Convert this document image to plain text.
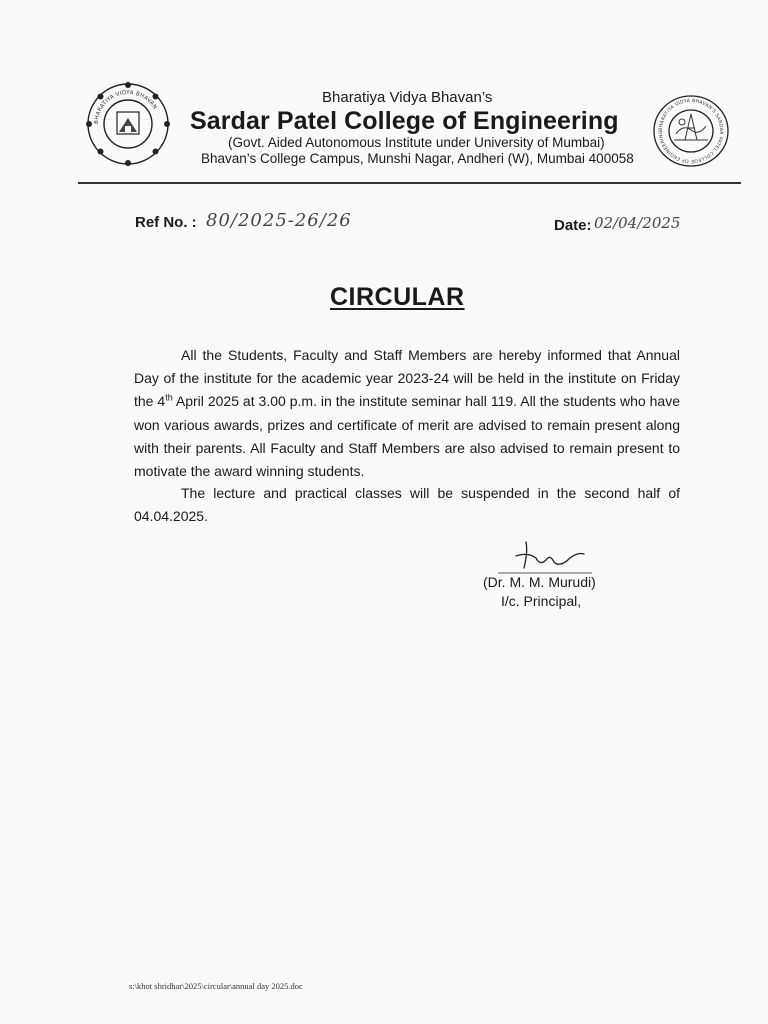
BHARATIYA VIDYA BHAVAN
BHARATIYA VIDYA BHAVAN'S SARDAR PATEL COLLEGE OF ENGINEERING
Bharatiya Vidya Bhavan’s
Sardar Patel College of Engineering
(Govt. Aided Autonomous Institute under University of Mumbai)
Bhavan’s College Campus, Munshi Nagar, Andheri (W), Mumbai 400058
Ref No. : 80/2025-26/26	Date: 02/04/2025
CIRCULAR
All the Students, Faculty and Staff Members are hereby informed that Annual Day of the institute for the academic year 2023-24 will be held in the institute on Friday the 4th April 2025 at 3.00 p.m. in the institute seminar hall 119. All the students who have won various awards, prizes and certificate of merit are advised to remain present along with their parents. All Faculty and Staff Members are also advised to remain present to motivate the award winning students.
The lecture and practical classes will be suspended in the second half of 04.04.2025.
(Dr. M. M. Murudi)
I/c. Principal,
s:\khot shridhar\2025\circular\annual day 2025.doc
